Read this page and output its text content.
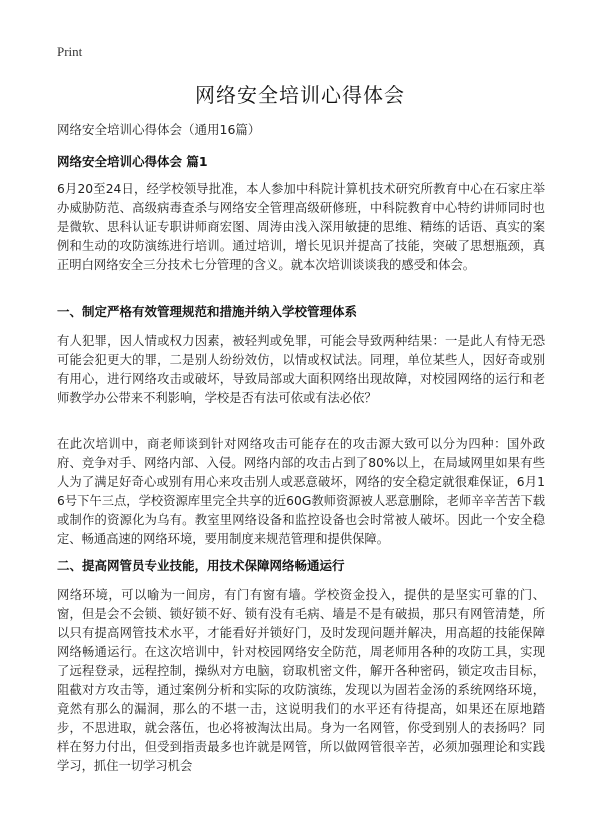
Print
网络安全培训心得体会
网络安全培训心得体会（通用16篇）
网络安全培训心得体会 篇1

6月20至24日，经学校领导批准，本人参加中科院计算机技术研究所教育中心在石家庄举办威胁防范、高级病毒查杀与网络安全管理高级研修班，中科院教育中心特约讲师同时也是微软、思科认证专职讲师商宏图、周涛由浅入深用敏捷的思维、精练的话语、真实的案例和生动的攻防演练进行培训。通过培训，增长见识并提高了技能，突破了思想瓶颈，真正明白网络安全三分技术七分管理的含义。就本次培训谈谈我的感受和体会。

一、制定严格有效管理规范和措施并纳入学校管理体系

有人犯罪，因人情或权力因素，被轻判或免罪，可能会导致两种结果：一是此人有恃无恐可能会犯更大的罪，二是别人纷纷效仿，以情或权试法。同理，单位某些人，因好奇或别有用心，进行网络攻击或破坏，导致局部或大面积网络出现故障，对校园网络的运行和老师教学办公带来不利影响，学校是否有法可依或有法必依？

在此次培训中，商老师谈到针对网络攻击可能存在的攻击源大致可以分为四种：国外政府、竞争对手、网络内部、入侵。网络内部的攻击占到了80%以上，在局域网里如果有些人为了满足好奇心或别有用心来攻击别人或恶意破坏，网络的安全稳定就很难保证，6月16号下午三点，学校资源库里完全共享的近60G教师资源被人恶意删除，老师辛辛苦苦下载或制作的资源化为乌有。教室里网络设备和监控设备也会时常被人破坏。因此一个安全稳定、畅通高速的网络环境，要用制度来规范管理和提供保障。

二、提高网管员专业技能，用技术保障网络畅通运行

网络环境，可以喻为一间房，有门有窗有墙。学校资金投入，提供的是坚实可靠的门、窗，但是会不会锁、锁好锁不好、锁有没有毛病、墙是不是有破损，那只有网管清楚，所以只有提高网管技术水平，才能看好并锁好门，及时发现问题并解决，用高超的技能保障网络畅通运行。在这次培训中，针对校园网络安全防范，周老师用各种的攻防工具，实现了远程登录，远程控制，操纵对方电脑，窃取机密文件，解开各种密码，锁定攻击目标，阻截对方攻击等，通过案例分析和实际的攻防演练，发现以为固若金汤的系统网络环境，竟然有那么的漏洞，那么的不堪一击，这说明我们的水平还有待提高，如果还在原地踏步，不思进取，就会落伍，也必将被淘汰出局。身为一名网管，你受到别人的表扬吗？同样在努力付出，但受到指责最多也许就是网管，所以做网管很辛苦，必须加强理论和实践学习，抓住一切学习机会
